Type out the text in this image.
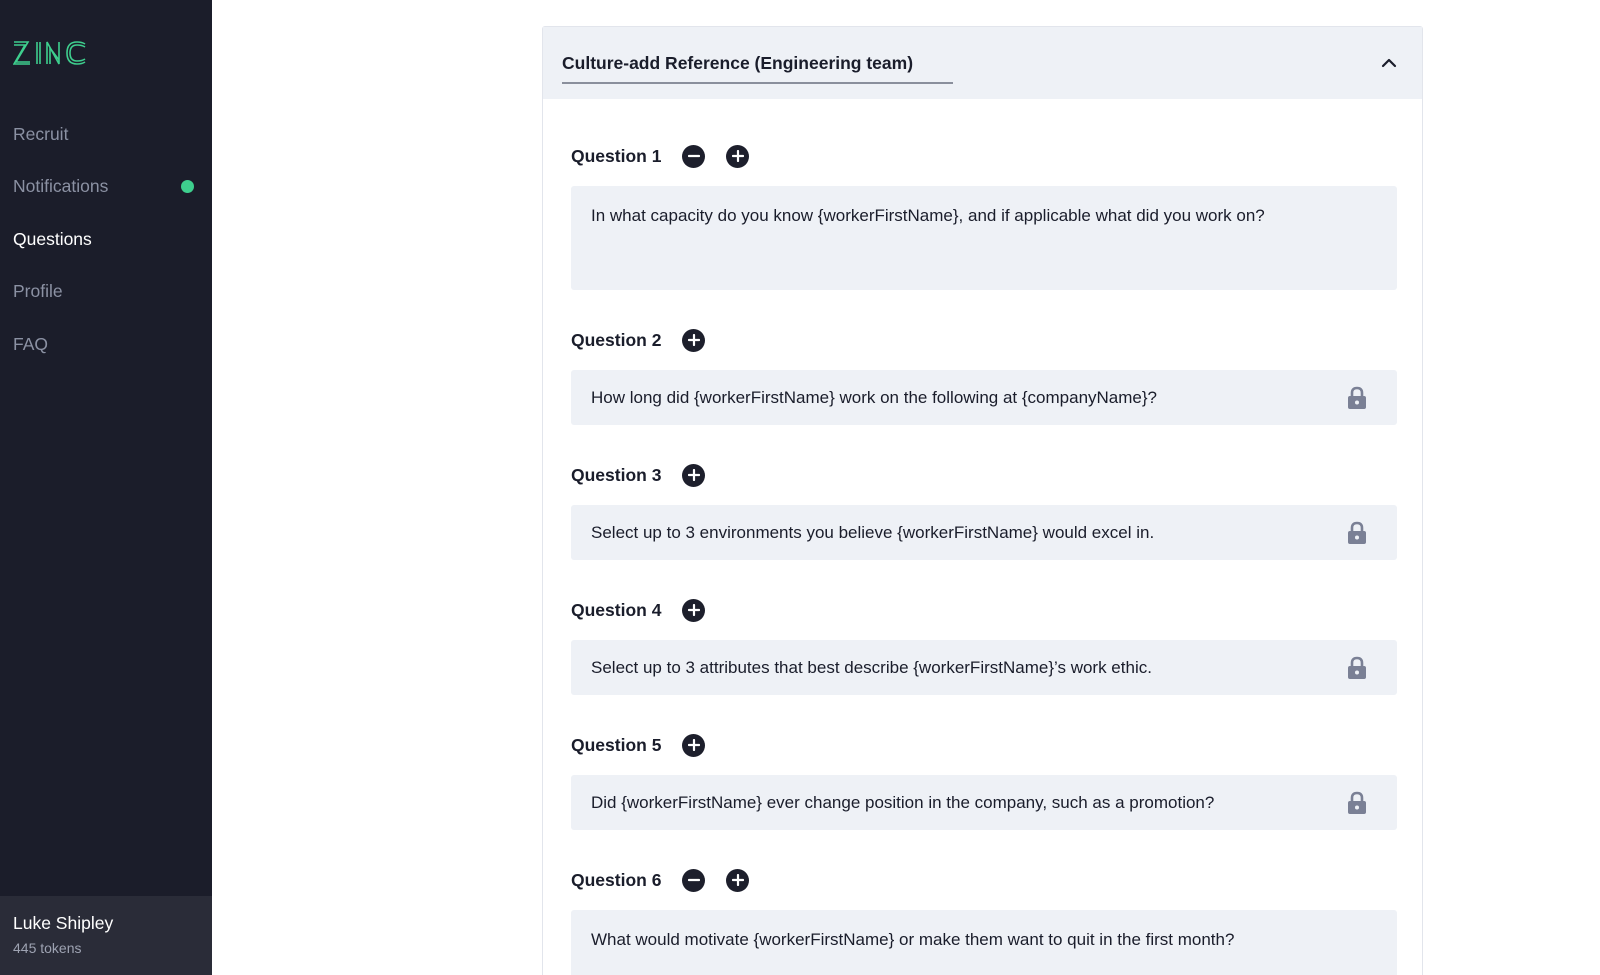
Recruit
Notifications
Questions
Profile
FAQ
Luke Shipley
445 tokens
Culture-add Reference (Engineering team)
Question 1
In what capacity do you know {workerFirstName}, and if applicable what did you work on?
Question 2
How long did {workerFirstName} work on the following at {companyName}?
Question 3
Select up to 3 environments you believe {workerFirstName} would excel in.
Question 4
Select up to 3 attributes that best describe {workerFirstName}’s work ethic.
Question 5
Did {workerFirstName} ever change position in the company, such as a promotion?
Question 6
What would motivate {workerFirstName} or make them want to quit in the first month?
